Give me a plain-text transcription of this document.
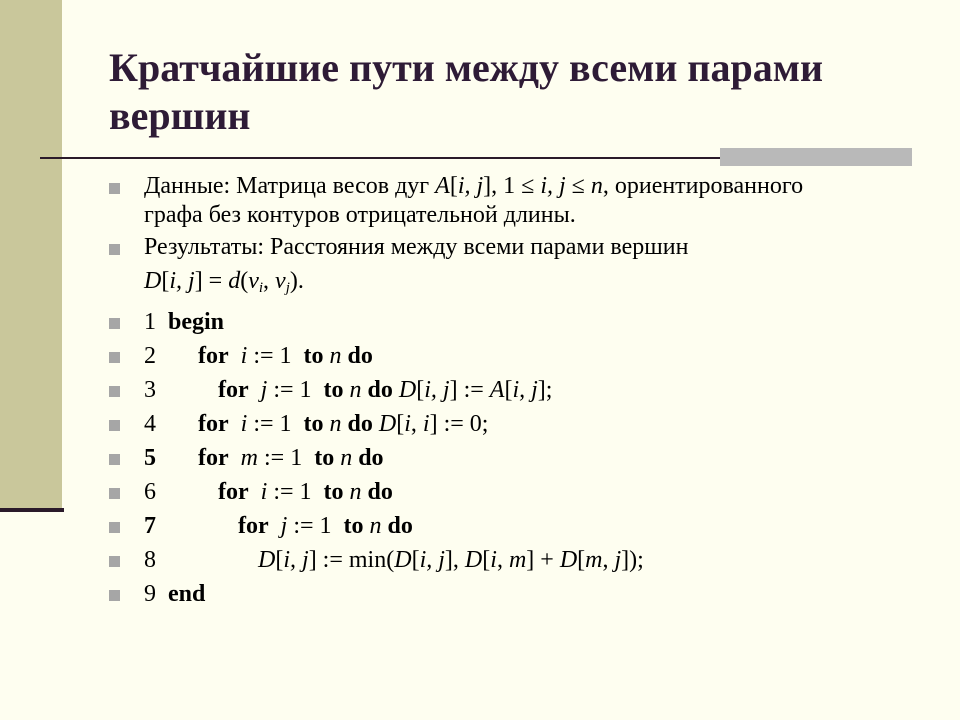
Кратчайшие пути между всеми парами вершин
Данные: Матрица весов дуг A[i, j], 1 ≤ i, j ≤ n, ориентированного
графа без контуров отрицательной длины.
Результаты: Расстояния между всеми парами вершин
D[i, $j] = d(v_i$, $v_j$).
1 begin
2 for i := 1  to n do
3	for j := 1  to n do D[i, j] := A[i, j];
4 for i := 1  to n do D[i, i] := 0;
5 for m := 1  to n do
6	for i := 1  to n do
7	for j := 1  to n do
8	D[i, j] := min(D[i, j], D[i, m] + D[m, j]);
9 end
